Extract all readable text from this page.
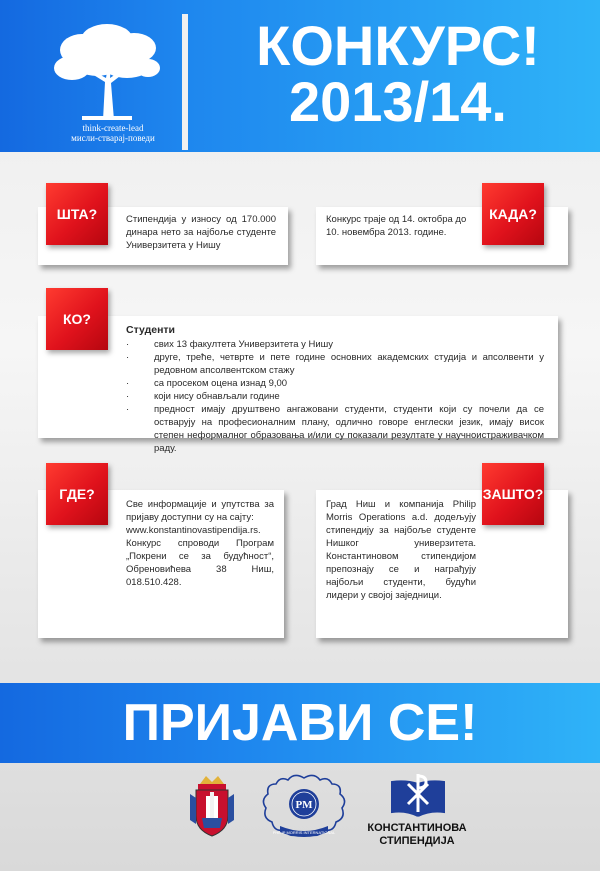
think-create-lead
мисли-стварај-поведи
КОНКУРС!
2013/14.

Стипендија у износу од 170.000 динара нето за најбоље студенте Универзитета у Нишу

ШТА?	Конкурс траје од 14. октобра до 10. новембра 2013. године.

КАДА?

Студенти

·	свих 13 факултета Универзитета у Нишу
·	друге, треће, четврте и пете године основних академских студија и апсолвенти у редовном апсолвентском стажу
·	са просеком оцена изнад 9,00
·	који нису обнављали године
·	предност имају друштвено ангажовани студенти, студенти који су почели да се остварују на професионалним плану, одлично говоре енглески језик, имају висок степен неформалног образовања и/или су показали резултате у научноистраживачком раду.
КО?

Све информације и упутства за пријаву доступни су на сајту:

www.konstantinovastipendija.rs.

Конкурс спроводи Програм „Покрени се за будућност“, Обреновићева 38 Ниш, 018.510.428.

ГДЕ?

Град Ниш и компанија Philip Morris Operations a.d. додељују стипендију за најбоље студенте Нишког универзитета. Константиновом стипендијом препознају се и награђују најбољи студенти, будући лидери у својој заједници.

ЗАШТО?
ПРИЈАВИ СЕ!
PM
PHILIP MORRIS INTERNATIONAL	КОНСТАНТИНОВА
СТИПЕНДИЈА
